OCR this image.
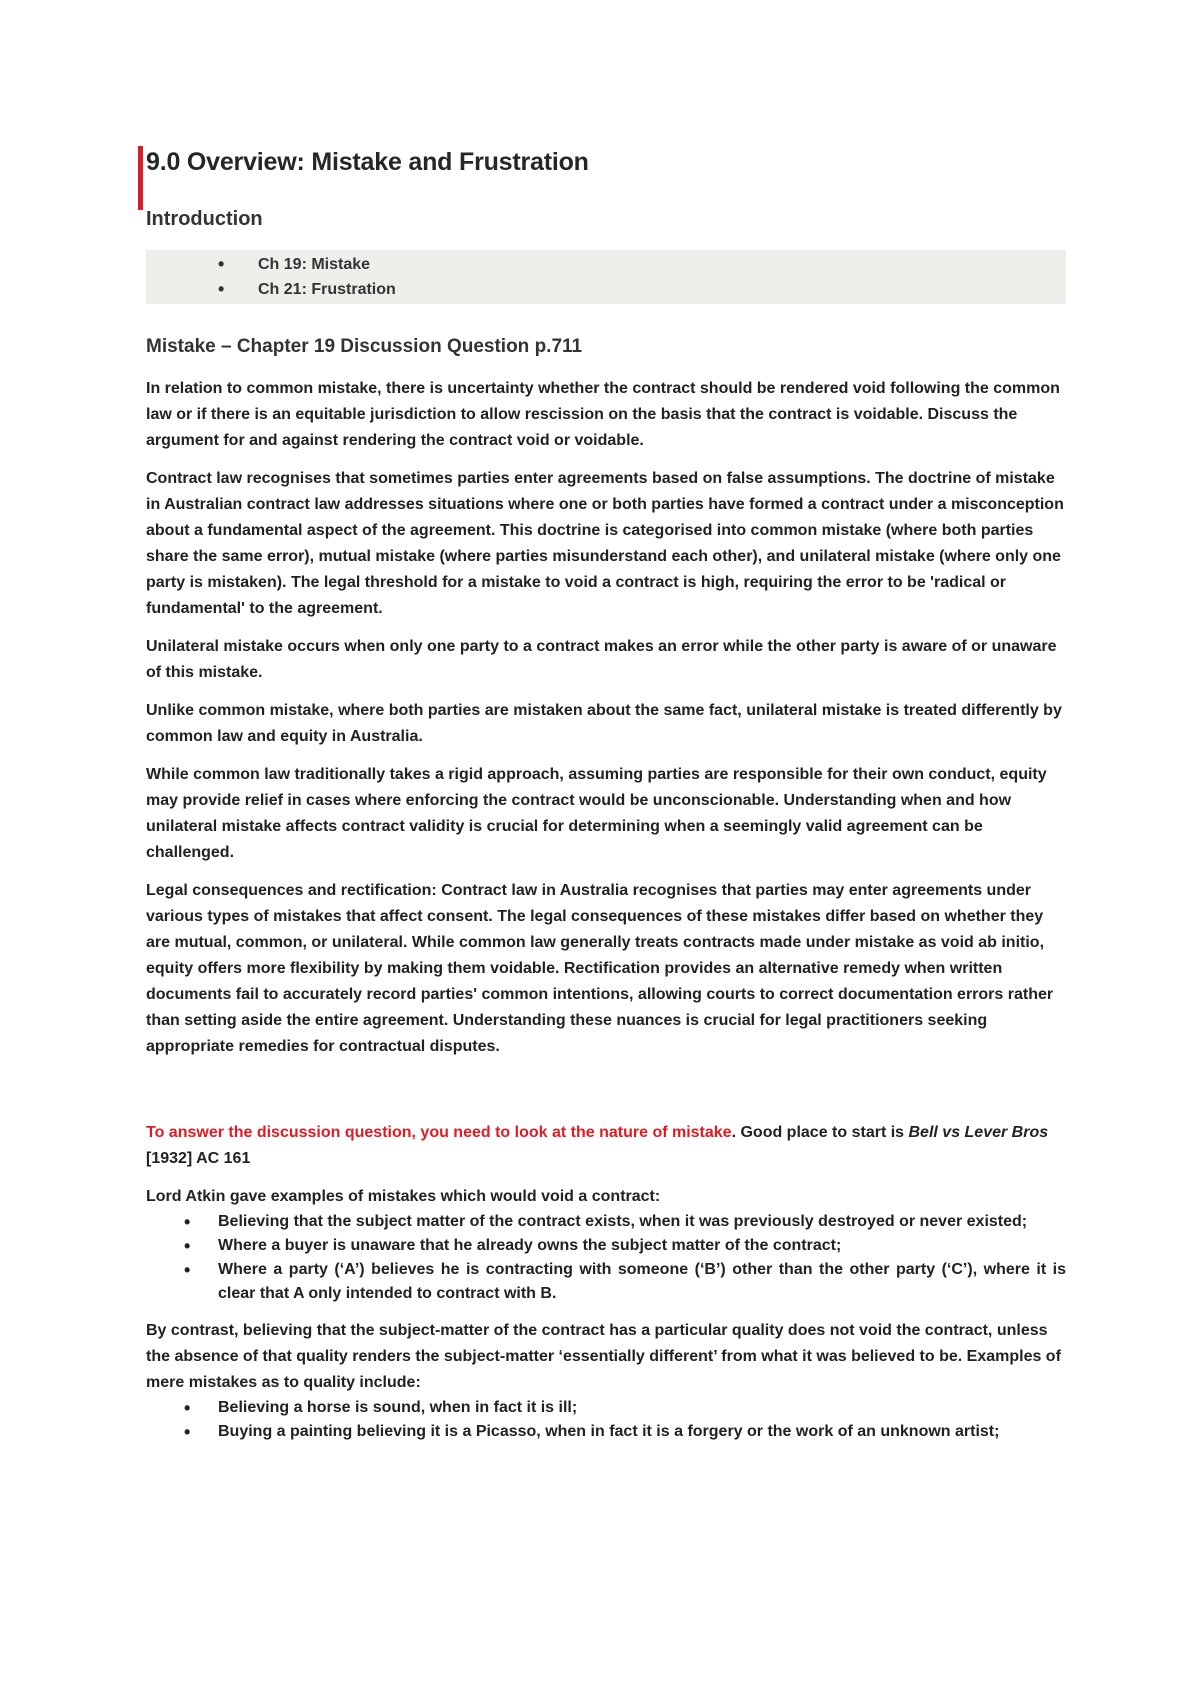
9.0 Overview: Mistake and Frustration
Introduction
• Ch 19: Mistake
• Ch 21: Frustration
Mistake – Chapter 19 Discussion Question p.711

In relation to common mistake, there is uncertainty whether the contract should be rendered void following the common law or if there is an equitable jurisdiction to allow rescission on the basis that the contract is voidable. Discuss the argument for and against rendering the contract void or voidable.

Contract law recognises that sometimes parties enter agreements based on false assumptions. The doctrine of mistake in Australian contract law addresses situations where one or both parties have formed a contract under a misconception about a fundamental aspect of the agreement. This doctrine is categorised into common mistake (where both parties share the same error), mutual mistake (where parties misunderstand each other), and unilateral mistake (where only one party is mistaken). The legal threshold for a mistake to void a contract is high, requiring the error to be 'radical or fundamental' to the agreement.

Unilateral mistake occurs when only one party to a contract makes an error while the other party is aware of or unaware of this mistake.

Unlike common mistake, where both parties are mistaken about the same fact, unilateral mistake is treated differently by common law and equity in Australia.

While common law traditionally takes a rigid approach, assuming parties are responsible for their own conduct, equity may provide relief in cases where enforcing the contract would be unconscionable. Understanding when and how unilateral mistake affects contract validity is crucial for determining when a seemingly valid agreement can be challenged.

Legal consequences and rectification: Contract law in Australia recognises that parties may enter agreements under various types of mistakes that affect consent. The legal consequences of these mistakes differ based on whether they are mutual, common, or unilateral. While common law generally treats contracts made under mistake as void ab initio, equity offers more flexibility by making them voidable. Rectification provides an alternative remedy when written documents fail to accurately record parties' common intentions, allowing courts to correct documentation errors rather than setting aside the entire agreement. Understanding these nuances is crucial for legal practitioners seeking appropriate remedies for contractual disputes.

To answer the discussion question, you need to look at the nature of mistake. Good place to start is Bell vs Lever Bros [1932] AC 161

Lord Atkin gave examples of mistakes which would void a contract:

• Believing that the subject matter of the contract exists, when it was previously destroyed or never existed;
• Where a buyer is unaware that he already owns the subject matter of the contract;
• Where a party (‘A’) believes he is contracting with someone (‘B’) other than the other party (‘C’), where it is clear that A only intended to contract with B.

By contrast, believing that the subject-matter of the contract has a particular quality does not void the contract, unless the absence of that quality renders the subject-matter ‘essentially different’ from what it was believed to be. Examples of mere mistakes as to quality include:

• Believing a horse is sound, when in fact it is ill;
• Buying a painting believing it is a Picasso, when in fact it is a forgery or the work of an unknown artist;
